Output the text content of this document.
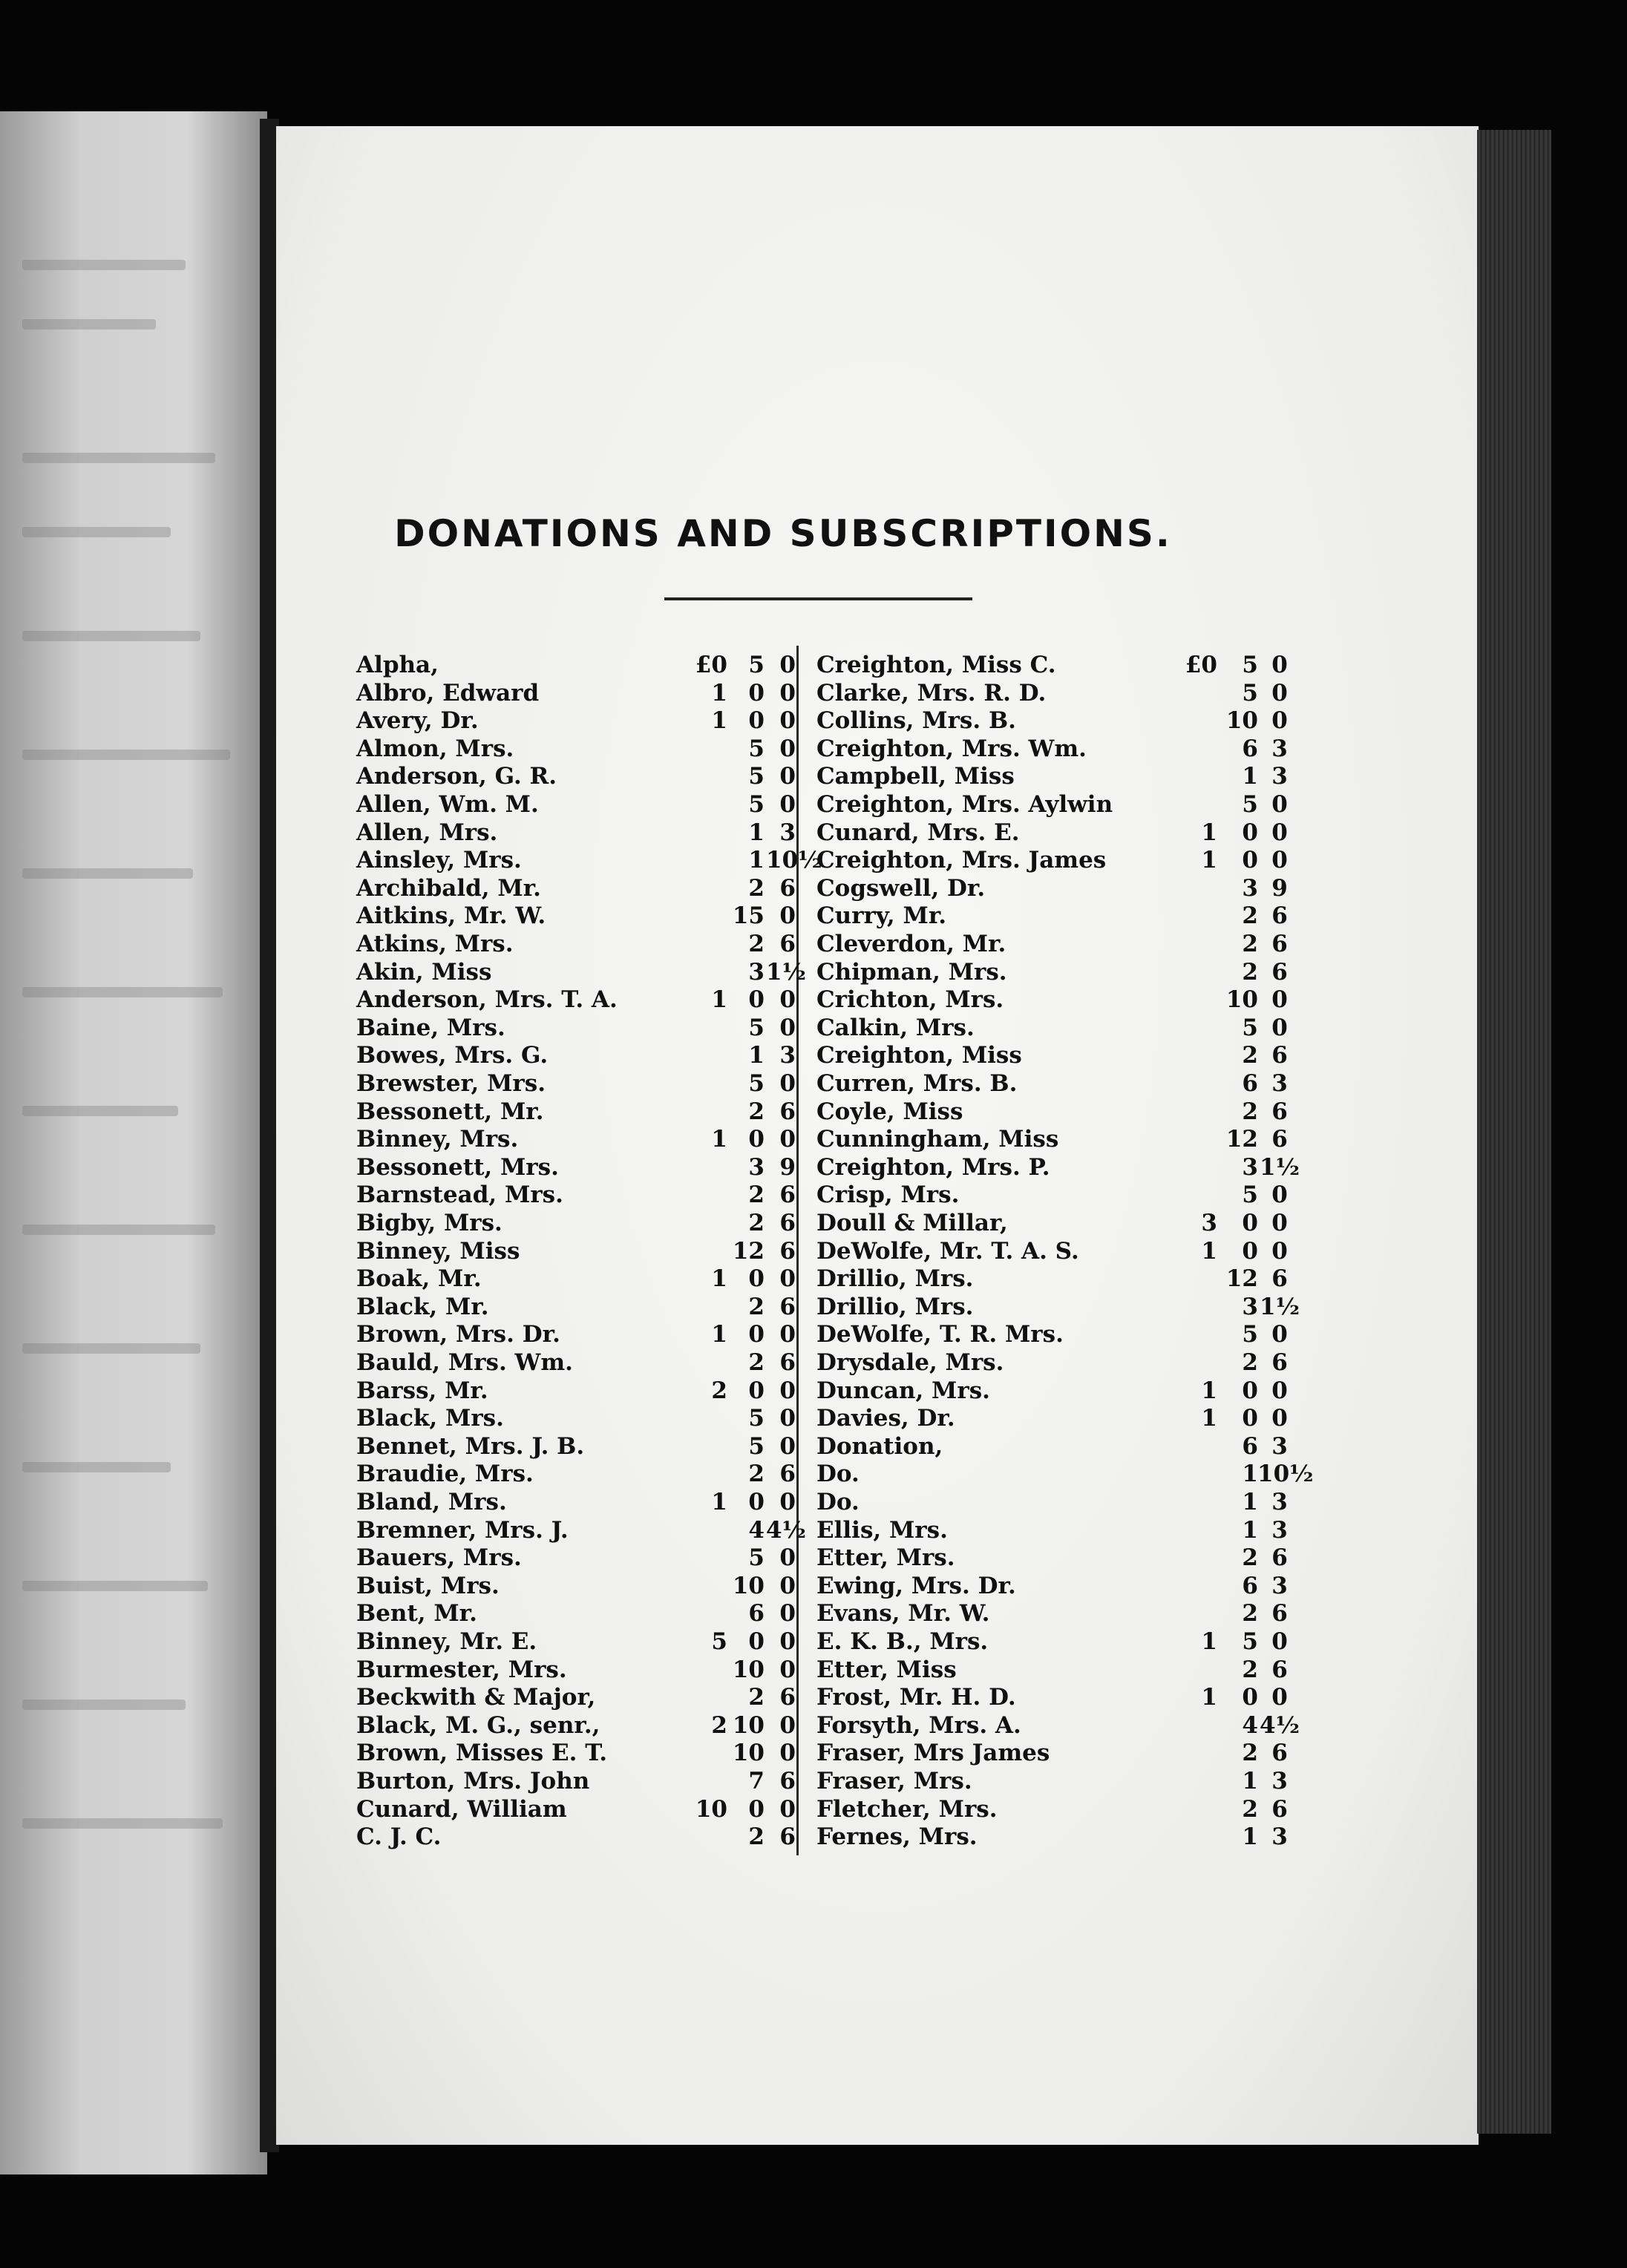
DONATIONS AND SUBSCRIPTIONS.
Alpha,	£0 5 0
Albro, Edward	1 0 0
Avery, Dr.	1 0 0
Almon, Mrs.	5 0
Anderson, G. R.	5 0
Allen, Wm. M.	5 0
Allen, Mrs.	1 3
Ainsley, Mrs.	1 10½
Archibald, Mr.	2 6
Aitkins, Mr. W.	15 0
Atkins, Mrs.	2 6
Akin, Miss	3 1½
Anderson, Mrs. T. A.	1 0 0
Baine, Mrs.	5 0
Bowes, Mrs. G.	1 3
Brewster, Mrs.	5 0
Bessonett, Mr.	2 6
Binney, Mrs.	1 0 0
Bessonett, Mrs.	3 9
Barnstead, Mrs.	2 6
Bigby, Mrs.	2 6
Binney, Miss	12 6
Boak, Mr.	1 0 0
Black, Mr.	2 6
Brown, Mrs. Dr.	1 0 0
Bauld, Mrs. Wm.	2 6
Barss, Mr.	2 0 0
Black, Mrs.	5 0
Bennet, Mrs. J. B.	5 0
Braudie, Mrs.	2 6
Bland, Mrs.	1 0 0
Bremner, Mrs. J.	4 4½
Bauers, Mrs.	5 0
Buist, Mrs.	10 0
Bent, Mr.	6 0
Binney, Mr. E.	5 0 0
Burmester, Mrs.	10 0
Beckwith & Major,	2 6
Black, M. G., senr.,	2 10 0
Brown, Misses E. T.	10 0
Burton, Mrs. John	7 6
Cunard, William	10 0 0
C. J. C.	2 6
Creighton, Miss C.	£0	5 0
Clarke, Mrs. R. D.	5 0
Collins, Mrs. B.	10 0
Creighton, Mrs. Wm.	6 3
Campbell, Miss	1 3
Creighton, Mrs. Aylwin	5 0
Cunard, Mrs. E.	1	0 0
Creighton, Mrs. James	1	0 0
Cogswell, Dr.	3 9
Curry, Mr.	2 6
Cleverdon, Mr.	2 6
Chipman, Mrs.	2 6
Crichton, Mrs.	10 0
Calkin, Mrs.	5 0
Creighton, Miss	2 6
Curren, Mrs. B.	6 3
Coyle, Miss	2 6
Cunningham, Miss	12 6
Creighton, Mrs. P.	3 1½
Crisp, Mrs.	5 0
Doull & Millar,	3	0 0
DeWolfe, Mr. T. A. S.	1	0 0
Drillio, Mrs.	12 6
Drillio, Mrs.	3 1½
DeWolfe, T. R. Mrs.	5 0
Drysdale, Mrs.	2 6
Duncan, Mrs.	1	0 0
Davies, Dr.	1	0 0
Donation,	6 3
Do.	1 10½
Do.	1 3
Ellis, Mrs.	1 3
Etter, Mrs.	2 6
Ewing, Mrs. Dr.	6 3
Evans, Mr. W.	2 6
E. K. B., Mrs.	1	5 0
Etter, Miss	2 6
Frost, Mr. H. D.	1	0 0
Forsyth, Mrs. A.	4 4½
Fraser, Mrs James	2 6
Fraser, Mrs.	1 3
Fletcher, Mrs.	2 6
Fernes, Mrs.	1 3
